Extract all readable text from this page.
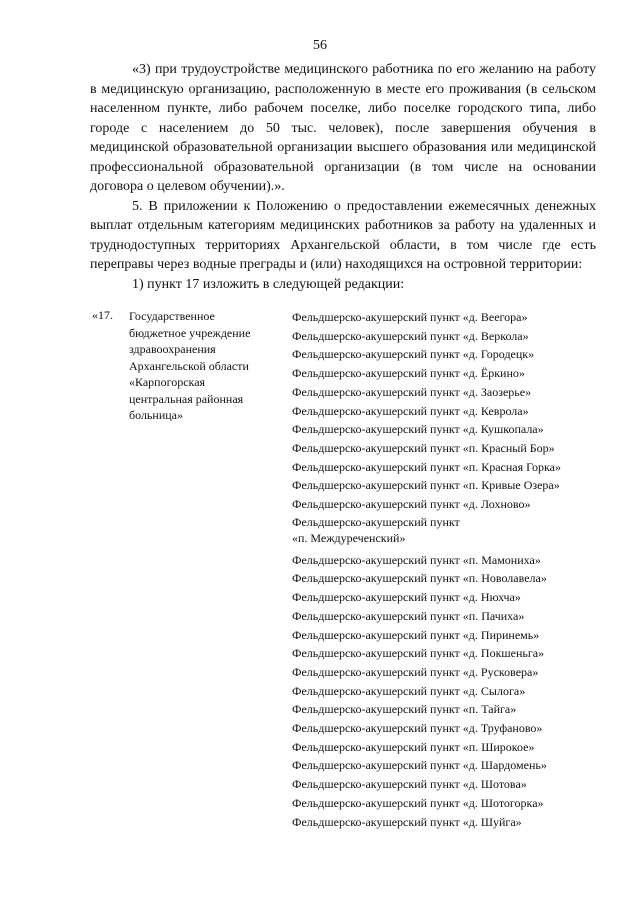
56

«3) при трудоустройстве медицинского работника по его желанию на работу в медицинскую организацию, расположенную в месте его проживания (в сельском населенном пункте, либо рабочем поселке, либо поселке городского типа, либо городе с населением до 50 тыс. человек), после завершения обучения в медицинской образовательной организации высшего образования или медицинской профессиональной образовательной организации (в том числе на основании договора о целевом обучении).».

5. В приложении к Положению о предоставлении ежемесячных денежных выплат отдельным категориям медицинских работников за работу на удаленных и труднодоступных территориях Архангельской области, в том числе где есть переправы через водные преграды и (или) находящихся на островной территории:

1) пункт 17 изложить в следующей редакции:

«17. Государственное
бюджетное учреждение
здравоохранения
Архангельской области
«Карпогорская
центральная районная
больница»
Фельдшерско-акушерский пункт «д. Веегора»
Фельдшерско-акушерский пункт «д. Веркола»
Фельдшерско-акушерский пункт «д. Городецк»
Фельдшерско-акушерский пункт «д. Ёркино»
Фельдшерско-акушерский пункт «д. Заозерье»
Фельдшерско-акушерский пункт «д. Кеврола»
Фельдшерско-акушерский пункт «д. Кушкопала»
Фельдшерско-акушерский пункт «п. Красный Бор»
Фельдшерско-акушерский пункт «п. Красная Горка»
Фельдшерско-акушерский пункт «п. Кривые Озера»
Фельдшерско-акушерский пункт «д. Лохново»
Фельдшерско-акушерский пункт
«п. Междуреченский»
Фельдшерско-акушерский пункт «п. Мамониха»
Фельдшерско-акушерский пункт «п. Новолавела»
Фельдшерско-акушерский пункт «д. Нюхча»
Фельдшерско-акушерский пункт «п. Пачиха»
Фельдшерско-акушерский пункт «д. Пиринемь»
Фельдшерско-акушерский пункт «д. Покшеньга»
Фельдшерско-акушерский пункт «д. Русковера»
Фельдшерско-акушерский пункт «д. Сылога»
Фельдшерско-акушерский пункт «п. Тайга»
Фельдшерско-акушерский пункт «д. Труфаново»
Фельдшерско-акушерский пункт «п. Широкое»
Фельдшерско-акушерский пункт «д. Шардомень»
Фельдшерско-акушерский пункт «д. Шотова»
Фельдшерско-акушерский пункт «д. Шотогорка»
Фельдшерско-акушерский пункт «д. Шуйга»
